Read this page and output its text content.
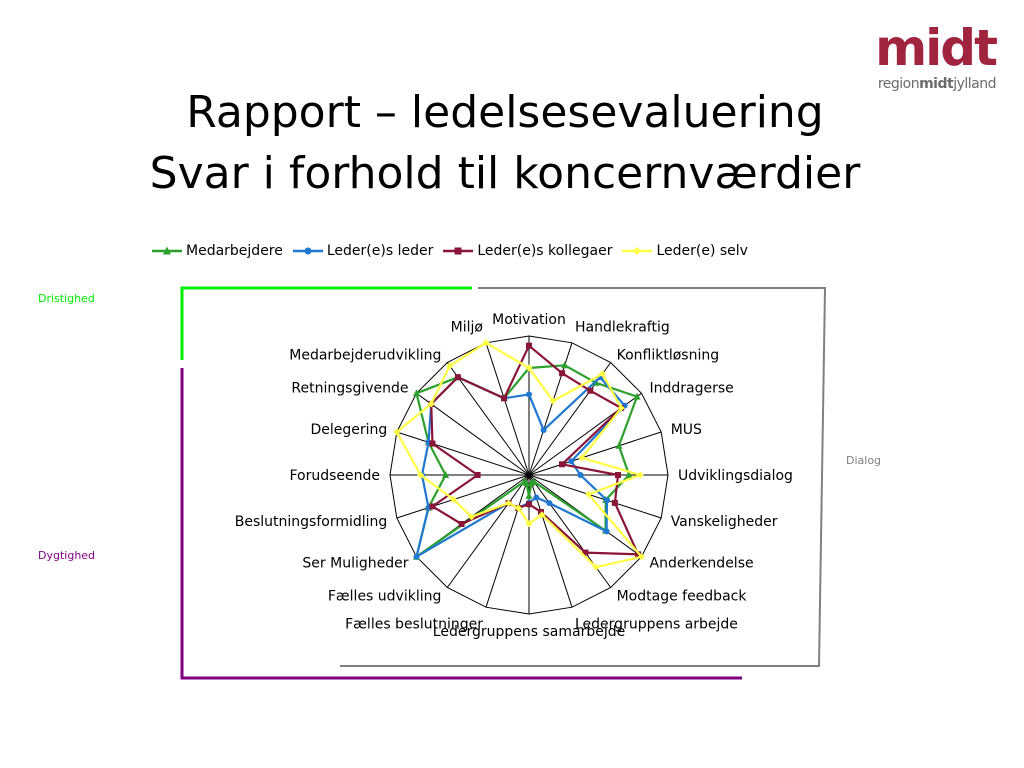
Rapport – ledelsesevaluering
Svar i forhold til koncernværdier
midt
regionmidtjylland
Medarbejdere	Leder(e)s leder	Leder(e)s kollegaer	Leder(e) selv
Dristighed
Dygtighed
Dialog
Motivation Handlekraftig
Konfliktløsning
Inddragerse
MUS
Udviklingsdialog
Vanskeligheder
Anderkendelse
Modtage feedback
Ledergruppens arbejde
Ledergruppens samarbejde
Fælles beslutninger
Fælles udvikling
Ser Muligheder
Beslutningsformidling
Forudseende
Delegering
Retningsgivende
Medarbejderudvikling
Miljø
